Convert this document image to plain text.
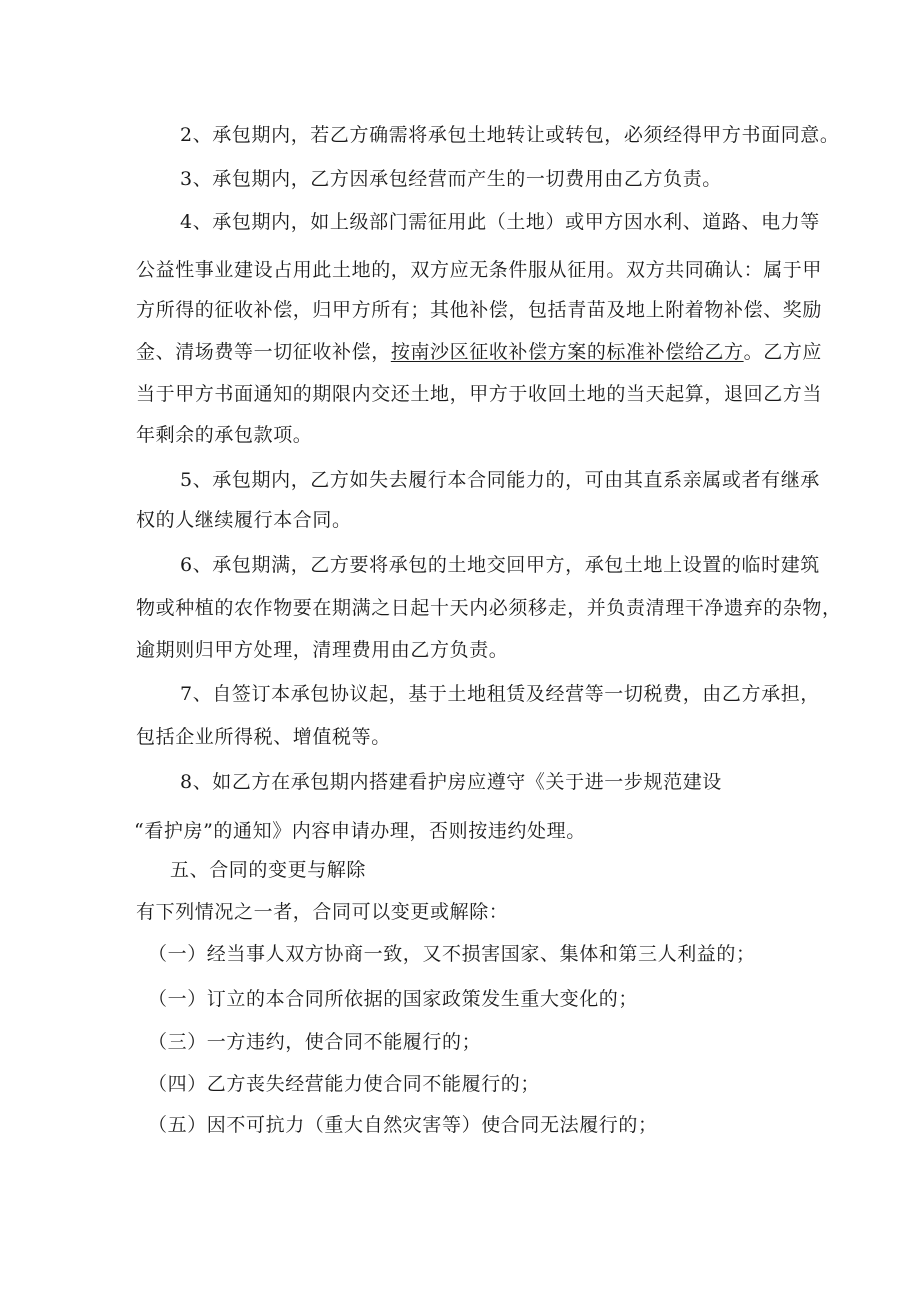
2、承包期内，若乙方确需将承包土地转让或转包，必须经得甲方书面同意。
3、承包期内，乙方因承包经营而产生的一切费用由乙方负责。
4、承包期内，如上级部门需征用此（土地）或甲方因水利、道路、电力等
公益性事业建设占用此土地的，双方应无条件服从征用。双方共同确认：属于甲
方所得的征收补偿，归甲方所有；其他补偿，包括青苗及地上附着物补偿、奖励
金、清场费等一切征收补偿，按南沙区征收补偿方案的标准补偿给乙方。乙方应
当于甲方书面通知的期限内交还土地，甲方于收回土地的当天起算，退回乙方当
年剩余的承包款项。
5、承包期内，乙方如失去履行本合同能力的，可由其直系亲属或者有继承
权的人继续履行本合同。
6、承包期满，乙方要将承包的土地交回甲方，承包土地上设置的临时建筑
物或种植的农作物要在期满之日起十天内必须移走，并负责清理干净遗弃的杂物，
逾期则归甲方处理，清理费用由乙方负责。
7、自签订本承包协议起，基于土地租赁及经营等一切税费，由乙方承担，
包括企业所得税、增值税等。
8、如乙方在承包期内搭建看护房应遵守《关于进一步规范建设
“看护房”的通知》内容申请办理，否则按违约处理。
五、合同的变更与解除
有下列情况之一者，合同可以变更或解除：
（一）经当事人双方协商一致，又不损害国家、集体和第三人利益的；
（一）订立的本合同所依据的国家政策发生重大变化的；
（三）一方违约，使合同不能履行的；
（四）乙方丧失经营能力使合同不能履行的；
（五）因不可抗力（重大自然灾害等）使合同无法履行的；
